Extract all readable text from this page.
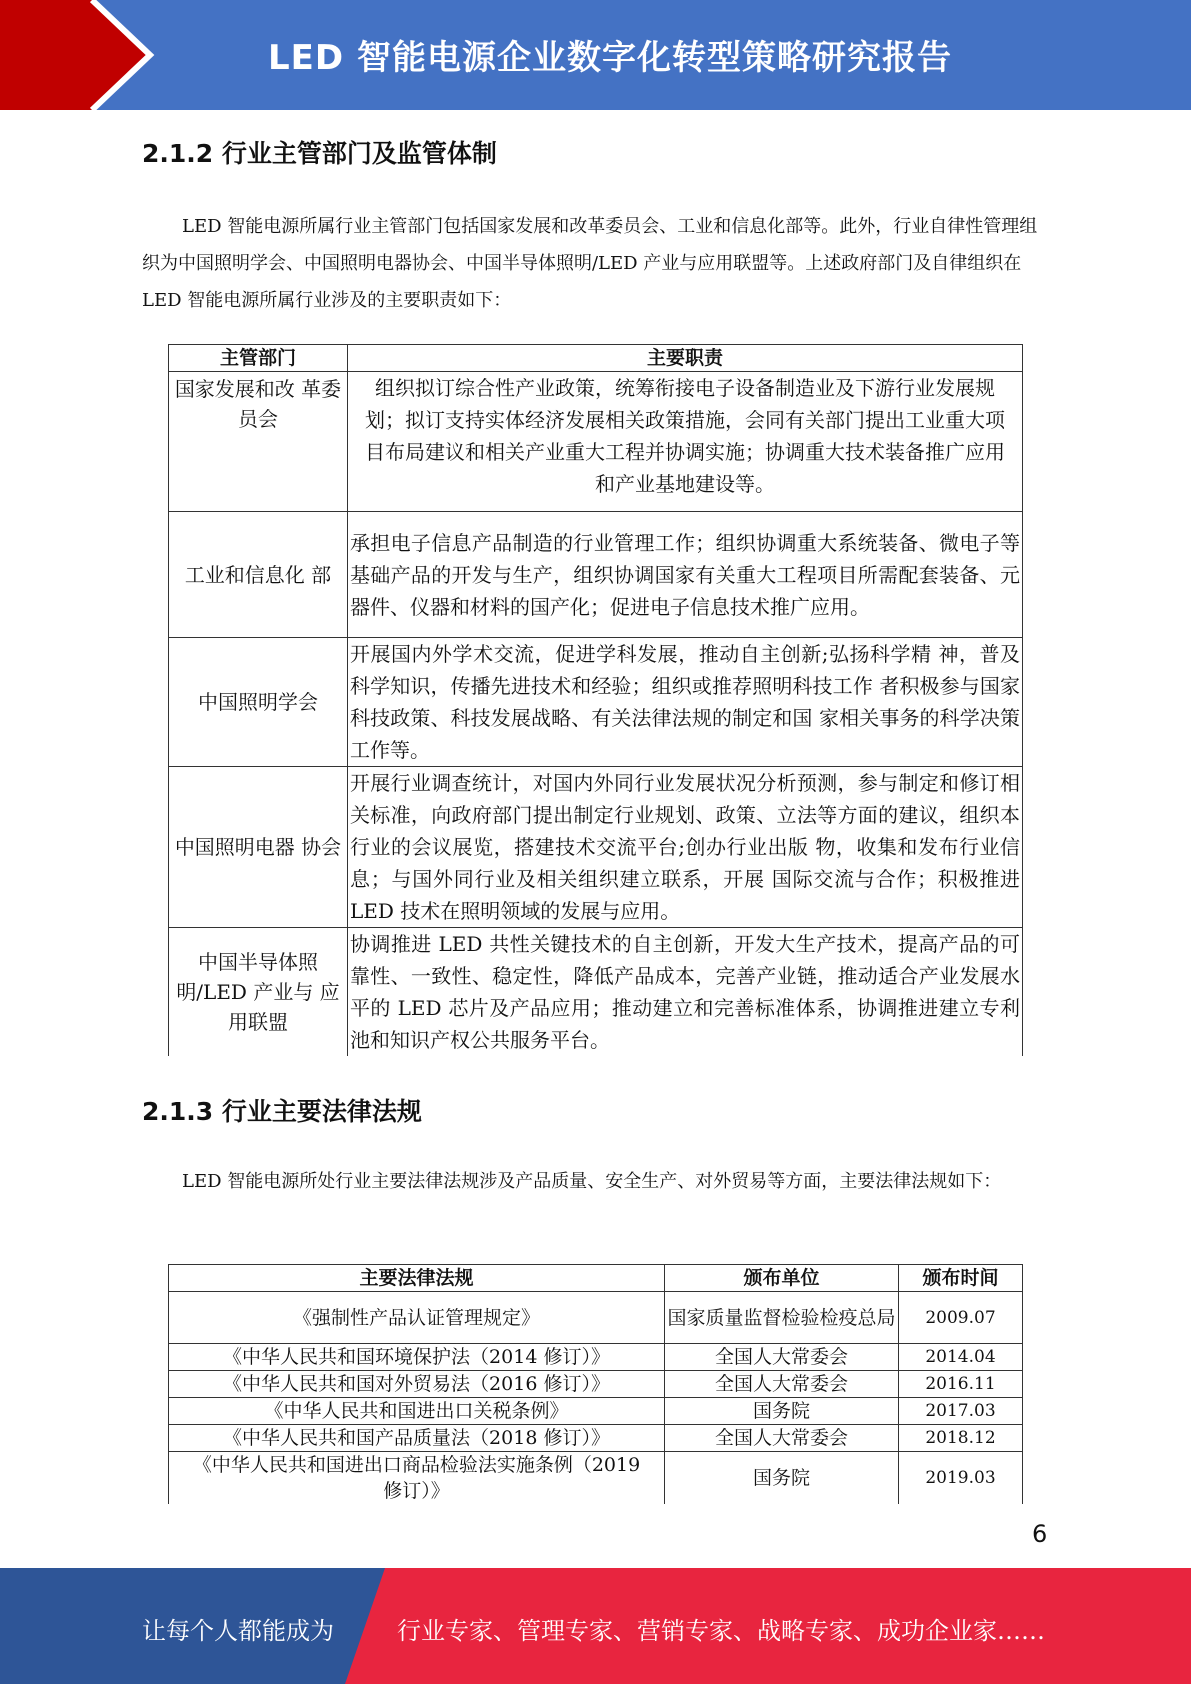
LED 智能电源企业数字化转型策略研究报告
2.1.2 行业主管部门及监管体制

LED 智能电源所属行业主管部门包括国家发展和改革委员会、工业和信息化部等。此外，行业自律性管理组织为中国照明学会、中国照明电器协会、中国半导体照明/LED 产业与应用联盟等。上述政府部门及自律组织在 LED 智能电源所属行业涉及的主要职责如下：

主管部门	主要职责
国家发展和改 革委员会	组织拟订综合性产业政策，统筹衔接电子设备制造业及下游行业发展规划；拟订支持实体经济发展相关政策措施，会同有关部门提出工业重大项目布局建议和相关产业重大工程并协调实施；协调重大技术装备推广应用和产业基地建设等。
工业和信息化 部	承担电子信息产品制造的行业管理工作；组织协调重大系统装备、微电子等基础产品的开发与生产，组织协调国家有关重大工程项目所需配套装备、元器件、仪器和材料的国产化；促进电子信息技术推广应用。
中国照明学会	开展国内外学术交流，促进学科发展，推动自主创新;弘扬科学精 神，普及科学知识，传播先进技术和经验；组织或推荐照明科技工作 者积极参与国家科技政策、科技发展战略、有关法律法规的制定和国 家相关事务的科学决策工作等。
中国照明电器 协会	开展行业调查统计，对国内外同行业发展状况分析预测，参与制定和修订相关标准，向政府部门提出制定行业规划、政策、立法等方面的建议，组织本行业的会议展览，搭建技术交流平台;创办行业出版 物，收集和发布行业信息；与国外同行业及相关组织建立联系，开展 国际交流与合作；积极推进 LED 技术在照明领域的发展与应用。
中国半导体照 明/LED 产业与 应用联盟	协调推进 LED 共性关键技术的自主创新，开发大生产技术，提高产品的可靠性、一致性、稳定性，降低产品成本，完善产业链，推动适合产业发展水平的 LED 芯片及产品应用；推动建立和完善标准体系，协调推进建立专利池和知识产权公共服务平台。
2.1.3 行业主要法律法规

LED 智能电源所处行业主要法律法规涉及产品质量、安全生产、对外贸易等方面，主要法律法规如下：

主要法律法规	颁布单位	颁布时间
《强制性产品认证管理规定》	国家质量监督检验检疫总局	2009.07
《中华人民共和国环境保护法（2014 修订）》	全国人大常委会	2014.04
《中华人民共和国对外贸易法（2016 修订）》	全国人大常委会	2016.11
《中华人民共和国进出口关税条例》	国务院	2017.03
《中华人民共和国产品质量法（2018 修订）》	全国人大常委会	2018.12
《中华人民共和国进出口商品检验法实施条例（2019 修订）》	国务院	2019.03
6
让每个人都能成为	行业专家、管理专家、营销专家、战略专家、成功企业家……
